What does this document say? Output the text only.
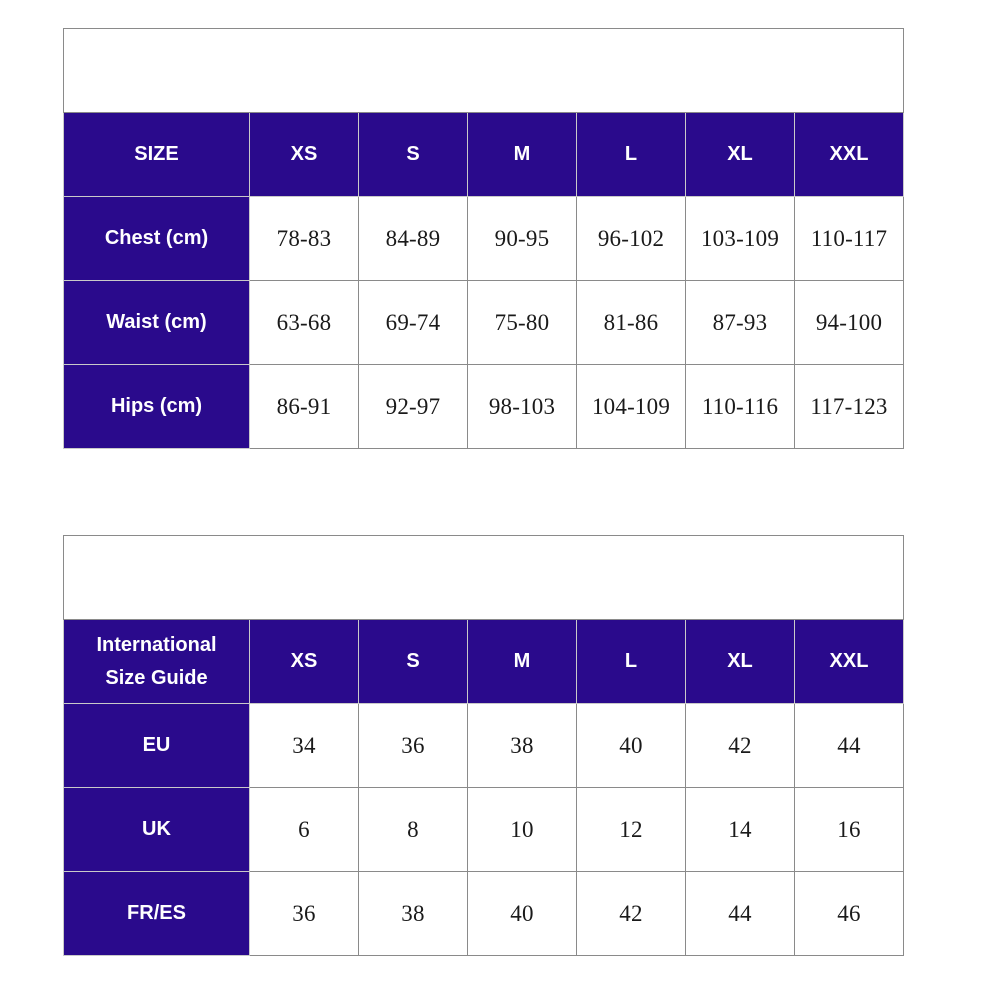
SIZE	XS	S	M	L	XL	XXL
Chest (cm)	78-83	84-89	90-95	96-102	103-109	110-117
Waist (cm)	63-68	69-74	75-80	81-86	87-93	94-100
Hips (cm)	86-91	92-97	98-103	104-109	110-116	117-123

International
Size Guide	XS	S	M	L	XL	XXL
EU	34	36	38	40	42	44
UK	6	8	10	12	14	16
FR/ES	36	38	40	42	44	46
